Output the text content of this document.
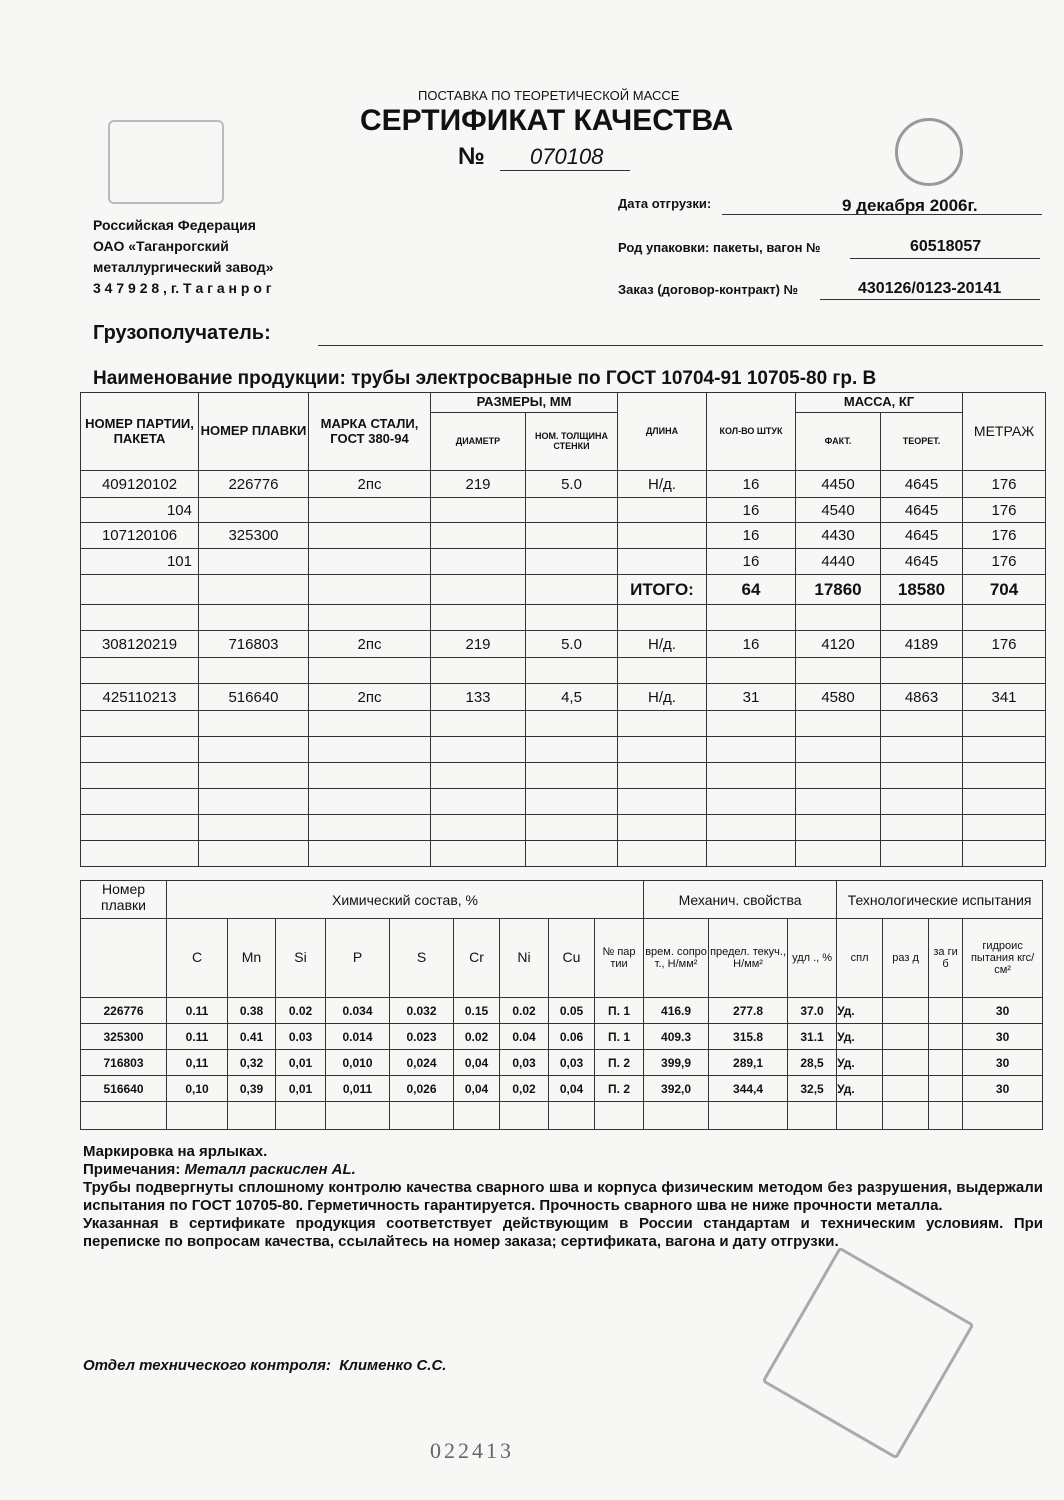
ПОСТАВКА ПО ТЕОРЕТИЧЕСКОЙ МАССЕ
СЕРТИФИКАТ КАЧЕСТВА
№ 070108
Российская Федерация
ОАО «Таганрогский
металлургический завод»
3 4 7 9 2 8 , г. Т а г а н р о г
Дата отгрузки:	9 декабря 2006г.
Род упаковки: пакеты, вагон №	60518057
Заказ (договор-контракт) №	430126/0123-20141
Грузополучатель:
Наименование продукции: трубы электросварные по ГОСТ 10704-91 10705-80 гр. В
НОМЕР ПАРТИИ, ПАКЕТА	НОМЕР ПЛАВКИ	МАРКА СТАЛИ, ГОСТ 380-94	РАЗМЕРЫ, ММ		ДЛИНА	КОЛ-ВО ШТУК	МАССА, КГ		МЕТРАЖ
			ДИАМЕТР	НОМ. ТОЛЩИНА СТЕНКИ			ФАКТ.	ТЕОРЕТ.	
409120102	226776	2пс	219	5.0	Н/д.	16	4450	4645	176
104						16	4540	4645	176
107120106	325300					16	4430	4645	176
101						16	4440	4645	176
					ИТОГО:	64	17860	18580	704

308120219	716803	2пс	219	5.0	Н/д.	16	4120	4189	176

425110213	516640	2пс	133	4,5	Н/д.	31	4580	4863	341

Номер плавки	Химический состав, %									Механич. свойства			Технологические испытания			
	C	Mn	Si	P	S	Cr	Ni	Cu	№ пар тии	врем. сопро т., Н/мм²	предел. текуч., Н/мм²	удл ., %	спл	раз д	за ги б	гидроис пытания кгс/см²
226776	0.11	0.38	0.02	0.034	0.032	0.15	0.02	0.05	П. 1	416.9	277.8	37.0	Уд.			30
325300	0.11	0.41	0.03	0.014	0.023	0.02	0.04	0.06	П. 1	409.3	315.8	31.1	Уд.			30
716803	0,11	0,32	0,01	0,010	0,024	0,04	0,03	0,03	П. 2	399,9	289,1	28,5	Уд.			30
516640	0,10	0,39	0,01	0,011	0,026	0,04	0,02	0,04	П. 2	392,0	344,4	32,5	Уд.			30

Маркировка на ярлыках.

Примечания: Металл раскислен AL.

Трубы подвергнуты сплошному контролю качества сварного шва и корпуса физическим методом без разрушения, выдержали испытания по ГОСТ 10705-80. Герметичность гарантируется. Прочность сварного шва не ниже прочности металла.

Указанная в сертификате продукция соответствует действующим в России стандартам и техническим условиям. При переписке по вопросам качества, ссылайтесь на номер заказа; сертификата, вагона и дату отгрузки.

Отдел технического контроля: Клименко С.С.
022413
